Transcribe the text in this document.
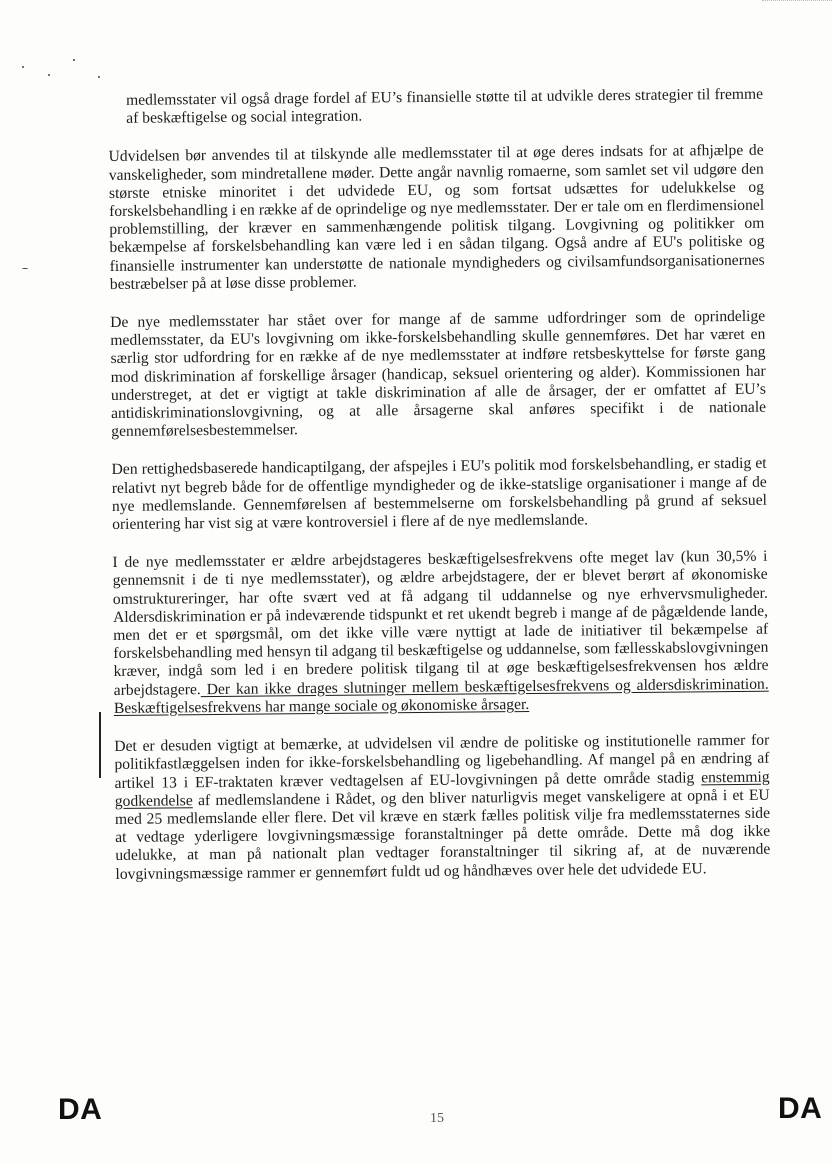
medlemsstater vil også drage fordel af EU’s finansielle støtte til at udvikle deres strategier til fremme af beskæftigelse og social integration.

Udvidelsen bør anvendes til at tilskynde alle medlemsstater til at øge deres indsats for at afhjælpe de vanskeligheder, som mindretallene møder. Dette angår navnlig romaerne, som samlet set vil udgøre den største etniske minoritet i det udvidede EU, og som fortsat udsættes for udelukkelse og forskelsbehandling i en række af de oprindelige og nye medlemsstater. Der er tale om en flerdimensionel problemstilling, der kræver en sammenhængende politisk tilgang. Lovgivning og politikker om bekæmpelse af forskelsbehandling kan være led i en sådan tilgang. Også andre af EU's politiske og finansielle instrumenter kan understøtte de nationale myndigheders og civilsamfundsorganisationernes bestræbelser på at løse disse problemer.

De nye medlemsstater har stået over for mange af de samme udfordringer som de oprindelige medlemsstater, da EU's lovgivning om ikke-forskelsbehandling skulle gennemføres. Det har været en særlig stor udfordring for en række af de nye medlemsstater at indføre retsbeskyttelse for første gang mod diskrimination af forskellige årsager (handicap, seksuel orientering og alder). Kommissionen har understreget, at det er vigtigt at takle diskrimination af alle de årsager, der er omfattet af EU’s antidiskriminationslovgivning, og at alle årsagerne skal anføres specifikt i de nationale gennemførelsesbestemmelser.

Den rettighedsbaserede handicaptilgang, der afspejles i EU's politik mod forskelsbehandling, er stadig et relativt nyt begreb både for de offentlige myndigheder og de ikke-statslige organisationer i mange af de nye medlemslande. Gennemførelsen af bestemmelserne om forskelsbehandling på grund af seksuel orientering har vist sig at være kontroversiel i flere af de nye medlemslande.

I de nye medlemsstater er ældre arbejdstageres beskæftigelsesfrekvens ofte meget lav (kun 30,5% i gennemsnit i de ti nye medlemsstater), og ældre arbejdstagere, der er blevet berørt af økonomiske omstruktureringer, har ofte svært ved at få adgang til uddannelse og nye erhvervsmuligheder. Aldersdiskrimination er på indeværende tidspunkt et ret ukendt begreb i mange af de pågældende lande, men det er et spørgsmål, om det ikke ville være nyttigt at lade de initiativer til bekæmpelse af forskelsbehandling med hensyn til adgang til beskæftigelse og uddannelse, som fællesskabslovgivningen kræver, indgå som led i en bredere politisk tilgang til at øge beskæftigelsesfrekvensen hos ældre arbejdstagere. Der kan ikke drages slutninger mellem beskæftigelsesfrekvens og aldersdiskrimination. Beskæftigelsesfrekvens har mange sociale og økonomiske årsager.

Det er desuden vigtigt at bemærke, at udvidelsen vil ændre de politiske og institutionelle rammer for politikfastlæggelsen inden for ikke-forskelsbehandling og ligebehandling. Af mangel på en ændring af artikel 13 i EF-traktaten kræver vedtagelsen af EU-lovgivningen på dette område stadig enstemmig godkendelse af medlemslandene i Rådet, og den bliver naturligvis meget vanskeligere at opnå i et EU med 25 medlemslande eller flere. Det vil kræve en stærk fælles politisk vilje fra medlemsstaternes side at vedtage yderligere lovgivningsmæssige foranstaltninger på dette område. Dette må dog ikke udelukke, at man på nationalt plan vedtager foranstaltninger til sikring af, at de nuværende lovgivningsmæssige rammer er gennemført fuldt ud og håndhæves over hele det udvidede EU.

DA	15	DA
